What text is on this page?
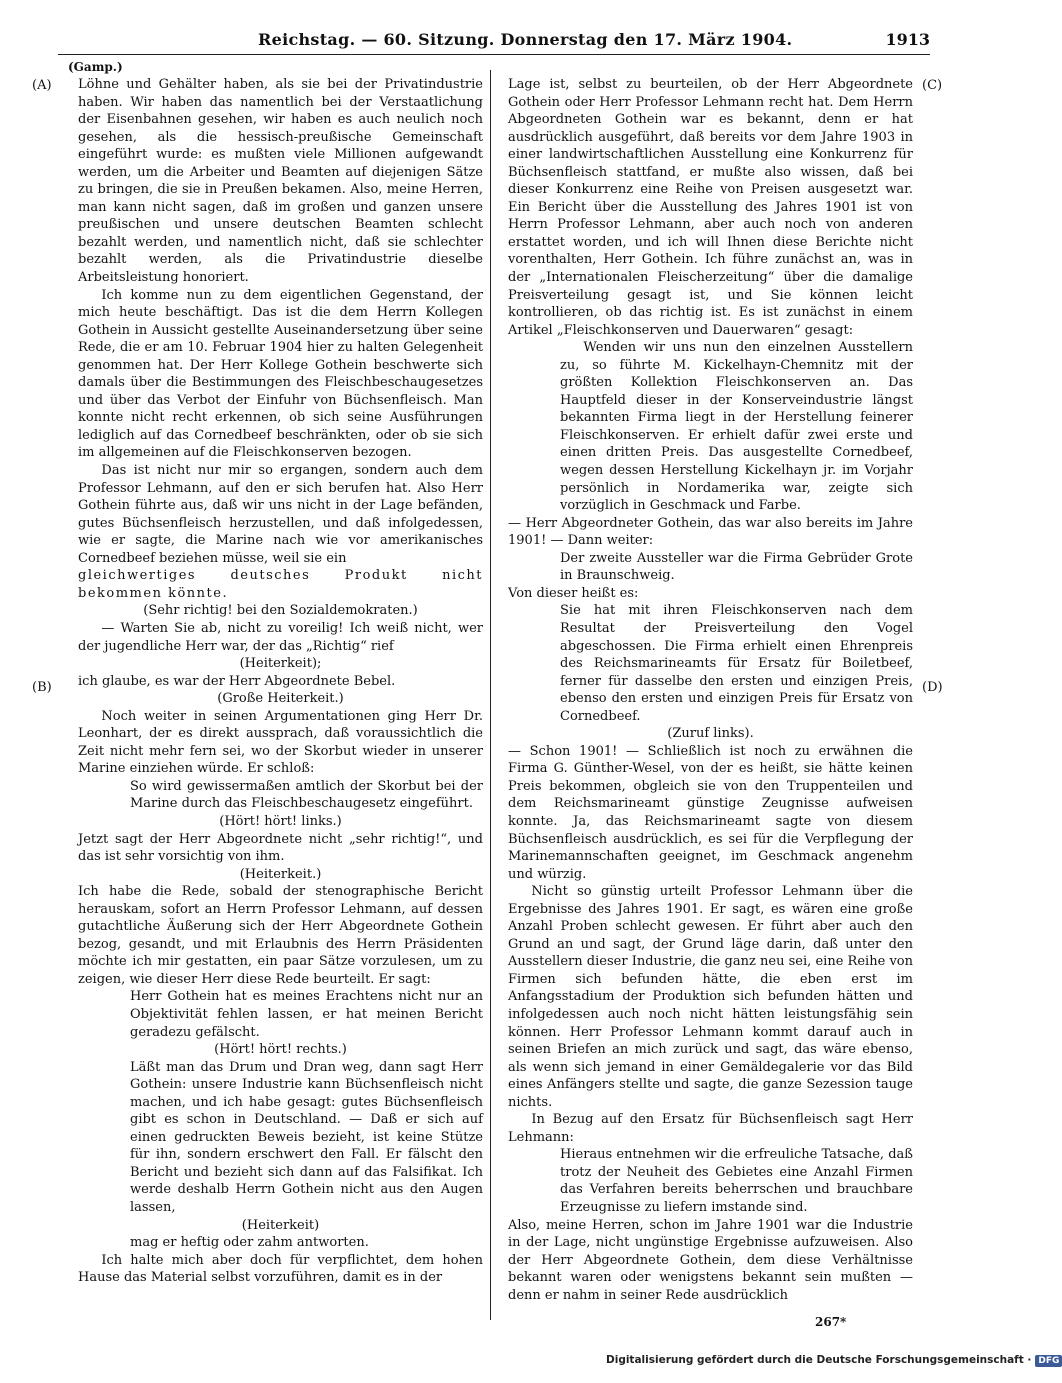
Reichstag. — 60. Sitzung. Donnerstag den 17. März 1904.	1913
(Gamp.)
(A)
(B)
(C)
(D)

Löhne und Gehälter haben, als sie bei der Privatindustrie haben. Wir haben das namentlich bei der Verstaatlichung der Eisenbahnen gesehen, wir haben es auch neulich noch gesehen, als die hessisch-preußische Gemeinschaft eingeführt wurde: es mußten viele Millionen aufgewandt werden, um die Arbeiter und Beamten auf diejenigen Sätze zu bringen, die sie in Preußen bekamen. Also, meine Herren, man kann nicht sagen, daß im großen und ganzen unsere preußischen und unsere deutschen Beamten schlecht bezahlt werden, und namentlich nicht, daß sie schlechter bezahlt werden, als die Privatindustrie dieselbe Arbeitsleistung honoriert.

Ich komme nun zu dem eigentlichen Gegenstand, der mich heute beschäftigt. Das ist die dem Herrn Kollegen Gothein in Aussicht gestellte Auseinandersetzung über seine Rede, die er am 10. Februar 1904 hier zu halten Gelegenheit genommen hat. Der Herr Kollege Gothein beschwerte sich damals über die Bestimmungen des Fleischbeschaugesetzes und über das Verbot der Einfuhr von Büchsenfleisch. Man konnte nicht recht erkennen, ob sich seine Ausführungen lediglich auf das Cornedbeef beschränkten, oder ob sie sich im allgemeinen auf die Fleischkonserven bezogen.

Das ist nicht nur mir so ergangen, sondern auch dem Professor Lehmann, auf den er sich berufen hat. Also Herr Gothein führte aus, daß wir uns nicht in der Lage befänden, gutes Büchsenfleisch herzustellen, und daß infolgedessen, wie er sagte, die Marine nach wie vor amerikanisches Cornedbeef beziehen müsse, weil sie ein

gleichwertiges deutsches Produkt nicht bekommen könnte.

(Sehr richtig! bei den Sozialdemokraten.)

— Warten Sie ab, nicht zu voreilig! Ich weiß nicht, wer der jugendliche Herr war, der das „Richtig“ rief

(Heiterkeit);

ich glaube, es war der Herr Abgeordnete Bebel.

(Große Heiterkeit.)

Noch weiter in seinen Argumentationen ging Herr Dr. Leonhart, der es direkt aussprach, daß voraussichtlich die Zeit nicht mehr fern sei, wo der Skorbut wieder in unserer Marine einziehen würde. Er schloß:

So wird gewissermaßen amtlich der Skorbut bei der Marine durch das Fleischbeschaugesetz eingeführt.

(Hört! hört! links.)

Jetzt sagt der Herr Abgeordnete nicht „sehr richtig!“, und das ist sehr vorsichtig von ihm.

(Heiterkeit.)

Ich habe die Rede, sobald der stenographische Bericht herauskam, sofort an Herrn Professor Lehmann, auf dessen gutachtliche Äußerung sich der Herr Abgeordnete Gothein bezog, gesandt, und mit Erlaubnis des Herrn Präsidenten möchte ich mir gestatten, ein paar Sätze vorzulesen, um zu zeigen, wie dieser Herr diese Rede beurteilt. Er sagt:

Herr Gothein hat es meines Erachtens nicht nur an Objektivität fehlen lassen, er hat meinen Bericht geradezu gefälscht.

(Hört! hört! rechts.)

Läßt man das Drum und Dran weg, dann sagt Herr Gothein: unsere Industrie kann Büchsenfleisch nicht machen, und ich habe gesagt: gutes Büchsenfleisch gibt es schon in Deutschland. — Daß er sich auf einen gedruckten Beweis bezieht, ist keine Stütze für ihn, sondern erschwert den Fall. Er fälscht den Bericht und bezieht sich dann auf das Falsifikat. Ich werde deshalb Herrn Gothein nicht aus den Augen lassen,

(Heiterkeit)

mag er heftig oder zahm antworten.

Ich halte mich aber doch für verpflichtet, dem hohen Hause das Material selbst vorzuführen, damit es in der

Lage ist, selbst zu beurteilen, ob der Herr Abgeordnete Gothein oder Herr Professor Lehmann recht hat. Dem Herrn Abgeordneten Gothein war es bekannt, denn er hat ausdrücklich ausgeführt, daß bereits vor dem Jahre 1903 in einer landwirtschaftlichen Ausstellung eine Konkurrenz für Büchsenfleisch stattfand, er mußte also wissen, daß bei dieser Konkurrenz eine Reihe von Preisen ausgesetzt war. Ein Bericht über die Ausstellung des Jahres 1901 ist von Herrn Professor Lehmann, aber auch noch von anderen erstattet worden, und ich will Ihnen diese Berichte nicht vorenthalten, Herr Gothein. Ich führe zunächst an, was in der „Internationalen Fleischerzeitung“ über die damalige Preisverteilung gesagt ist, und Sie können leicht kontrollieren, ob das richtig ist. Es ist zunächst in einem Artikel „Fleischkonserven und Dauerwaren“ gesagt:

Wenden wir uns nun den einzelnen Ausstellern zu, so führte M. Kickelhayn-Chemnitz mit der größten Kollektion Fleischkonserven an. Das Hauptfeld dieser in der Konserveindustrie längst bekannten Firma liegt in der Herstellung feinerer Fleischkonserven. Er erhielt dafür zwei erste und einen dritten Preis. Das ausgestellte Cornedbeef, wegen dessen Herstellung Kickelhayn jr. im Vorjahr persönlich in Nordamerika war, zeigte sich vorzüglich in Geschmack und Farbe.

— Herr Abgeordneter Gothein, das war also bereits im Jahre 1901! — Dann weiter:

Der zweite Aussteller war die Firma Gebrüder Grote in Braunschweig.

Von dieser heißt es:

Sie hat mit ihren Fleischkonserven nach dem Resultat der Preisverteilung den Vogel abgeschossen. Die Firma erhielt einen Ehrenpreis des Reichsmarineamts für Ersatz für Boiletbeef, ferner für dasselbe den ersten und einzigen Preis, ebenso den ersten und einzigen Preis für Ersatz von Cornedbeef.

(Zuruf links).

— Schon 1901! — Schließlich ist noch zu erwähnen die Firma G. Günther-Wesel, von der es heißt, sie hätte keinen Preis bekommen, obgleich sie von den Truppenteilen und dem Reichsmarineamt günstige Zeugnisse aufweisen konnte. Ja, das Reichsmarineamt sagte von diesem Büchsenfleisch ausdrücklich, es sei für die Verpflegung der Marinemannschaften geeignet, im Geschmack angenehm und würzig.

Nicht so günstig urteilt Professor Lehmann über die Ergebnisse des Jahres 1901. Er sagt, es wären eine große Anzahl Proben schlecht gewesen. Er führt aber auch den Grund an und sagt, der Grund läge darin, daß unter den Ausstellern dieser Industrie, die ganz neu sei, eine Reihe von Firmen sich befunden hätte, die eben erst im Anfangsstadium der Produktion sich befunden hätten und infolgedessen auch noch nicht hätten leistungsfähig sein können. Herr Professor Lehmann kommt darauf auch in seinen Briefen an mich zurück und sagt, das wäre ebenso, als wenn sich jemand in einer Gemäldegalerie vor das Bild eines Anfängers stellte und sagte, die ganze Sezession tauge nichts.

In Bezug auf den Ersatz für Büchsenfleisch sagt Herr Lehmann:

Hieraus entnehmen wir die erfreuliche Tatsache, daß trotz der Neuheit des Gebietes eine Anzahl Firmen das Verfahren bereits beherrschen und brauchbare Erzeugnisse zu liefern imstande sind.

Also, meine Herren, schon im Jahre 1901 war die Industrie in der Lage, nicht ungünstige Ergebnisse aufzuweisen. Also der Herr Abgeordnete Gothein, dem diese Verhältnisse bekannt waren oder wenigstens bekannt sein mußten — denn er nahm in seiner Rede ausdrücklich

267*
Digitalisierung gefördert durch die Deutsche Forschungsgemeinschaft · DFG
